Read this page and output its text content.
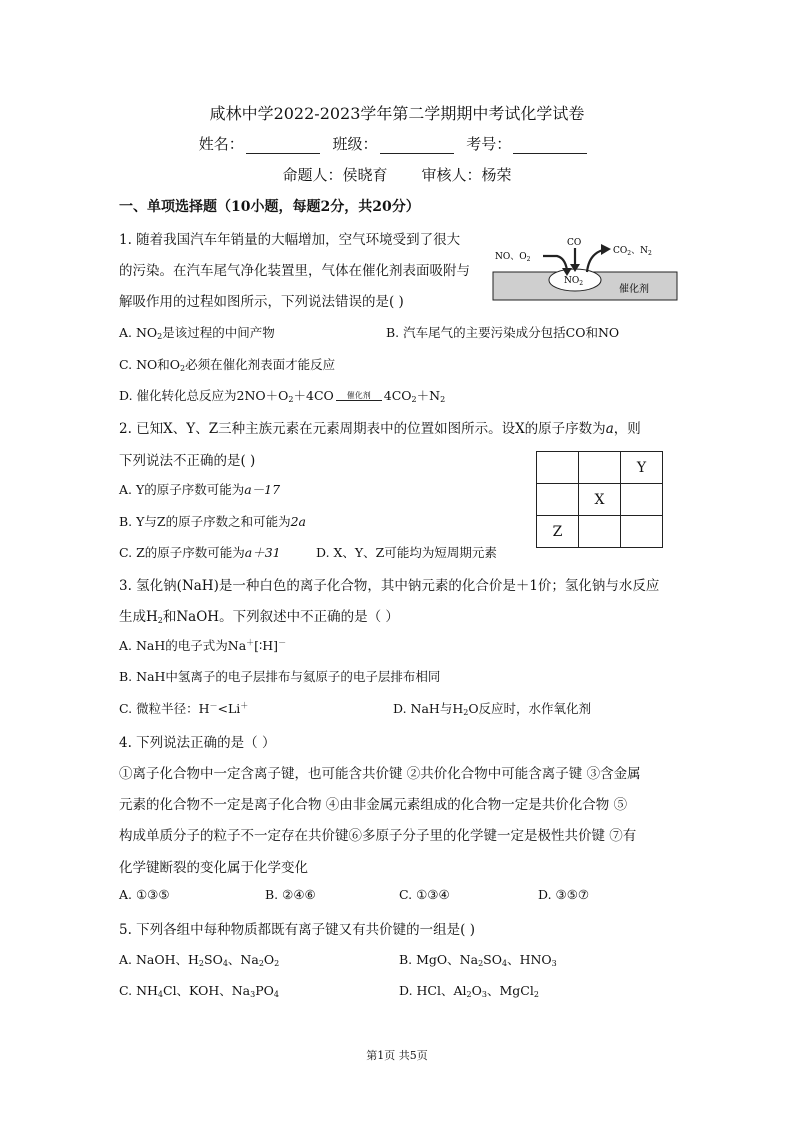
咸林中学2022-2023学年第二学期期中考试化学试卷
姓名：	班级：	考号：
命题人：侯晓育 审核人：杨荣
一、单项选择题（10小题，每题2分，共20分）
1. 随着我国汽车年销量的大幅增加，空气环境受到了很大
的污染。在汽车尾气净化装置里，气体在催化剂表面吸附与
解吸作用的过程如图所示，下列说法错误的是( )
NO、$O_2$
CO
$CO_2$、$N_2$
$NO_2$
催化剂
A. $NO_2$是该过程的中间产物	B. 汽车尾气的主要污染成分包括CO和NO
C. NO和$O_2$必须在催化剂表面才能反应
D. 催化转化总反应为$2NO+O_2+4CO$ 催化剂 $4CO_2+N_2$
2. 已知X、Y、Z三种主族元素在元素周期表中的位置如图所示。设X的原子序数为a，则
下列说法不正确的是( )
			Y
	X	
Z		
A. Y的原子序数可能为a－17
B. Y与Z的原子序数之和可能为2a
C. Z的原子序数可能为a＋31	D. X、Y、Z可能均为短周期元素
3. 氢化钠(NaH)是一种白色的离子化合物，其中钠元素的化合价是＋1价；氢化钠与水反应
生成$H_2$和NaOH。下列叙述中不正确的是（ ）
A. NaH的电子式为Na＋[∶H]－
B. NaH中氢离子的电子层排布与氦原子的电子层排布相同
C. 微粒半径：H－<Li＋	D. NaH与$H_2O$反应时，水作氧化剂
4. 下列说法正确的是（ ）
①离子化合物中一定含离子键，也可能含共价键 ②共价化合物中可能含离子键 ③含金属
元素的化合物不一定是离子化合物 ④由非金属元素组成的化合物一定是共价化合物 ⑤
构成单质分子的粒子不一定存在共价键⑥多原子分子里的化学键一定是极性共价键 ⑦有
化学键断裂的变化属于化学变化
A. ①③⑤	B. ②④⑥	C. ①③④	D. ③⑤⑦
5. 下列各组中每种物质都既有离子键又有共价键的一组是( )
A. NaOH、$H_2SO_4$、$Na_2O_2$	B. MgO、$Na_2SO_4$、$HNO_3$
C. $NH_4Cl$、KOH、$Na_3PO_4$	D. HCl、$Al_2O_3$、MgCl$_2$
第1页 共5页
